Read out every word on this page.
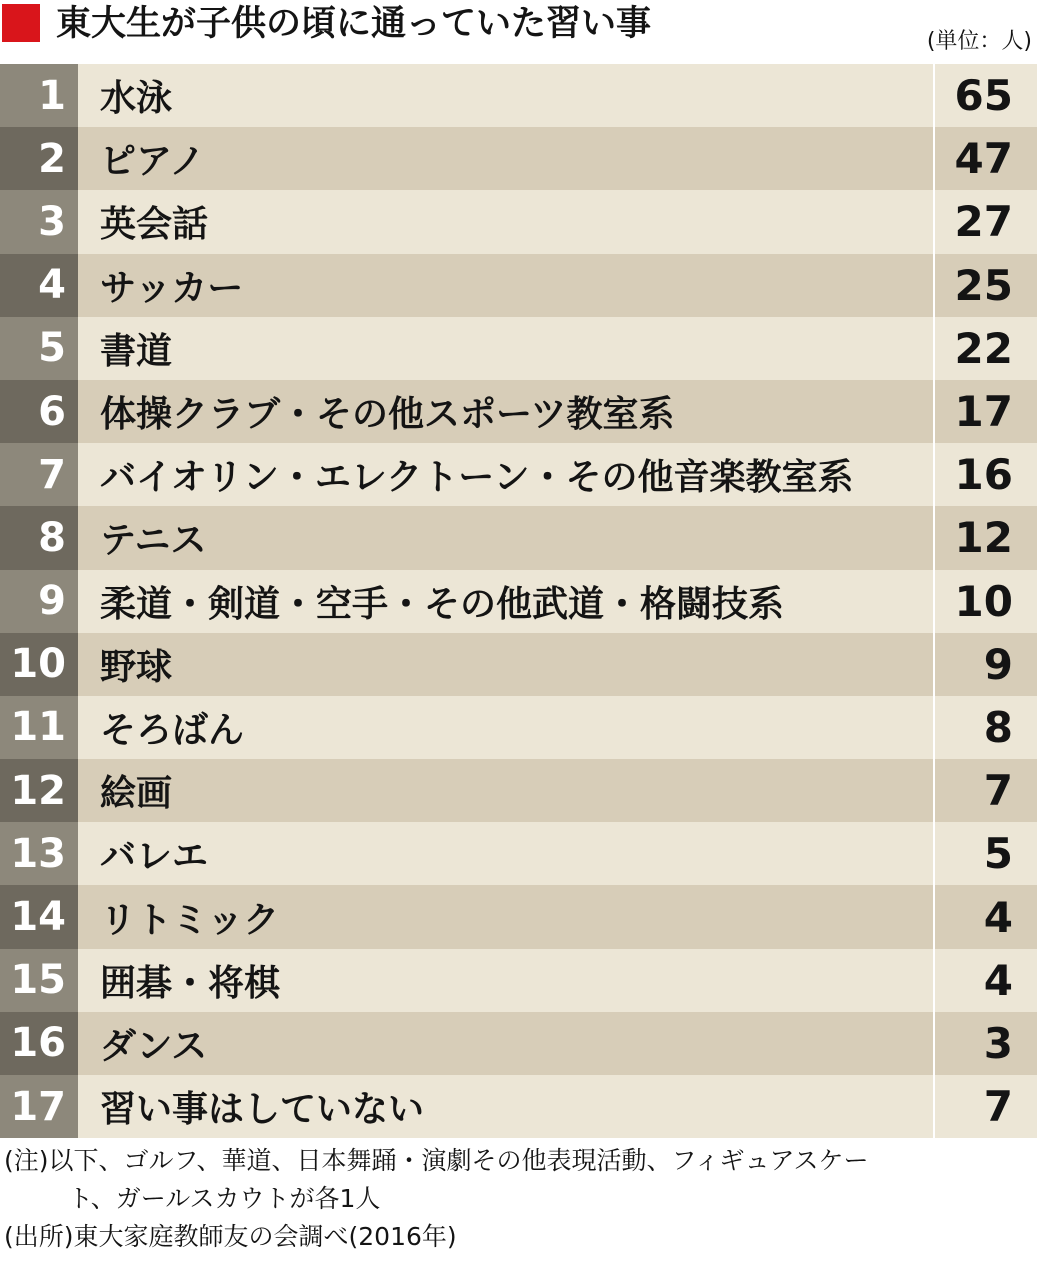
東大生が子供の頃に通っていた習い事	(単位：人)
1 水泳	65
2 ピアノ	47
3 英会話	27
4 サッカー	25
5 書道	22
6 体操クラブ・その他スポーツ教室系	17
7 バイオリン・エレクトーン・その他音楽教室系	16
8 テニス	12
9 柔道・剣道・空手・その他武道・格闘技系	10
10 野球	9
11 そろばん	8
12 絵画	7
13 バレエ	5
14 リトミック	4
15 囲碁・将棋	4
16 ダンス	3
17 習い事はしていない	7
(注)以下、ゴルフ、華道、日本舞踊・演劇その他表現活動、フィギュアスケー
ト、ガールスカウトが各1人
(出所)東大家庭教師友の会調べ(2016年)
